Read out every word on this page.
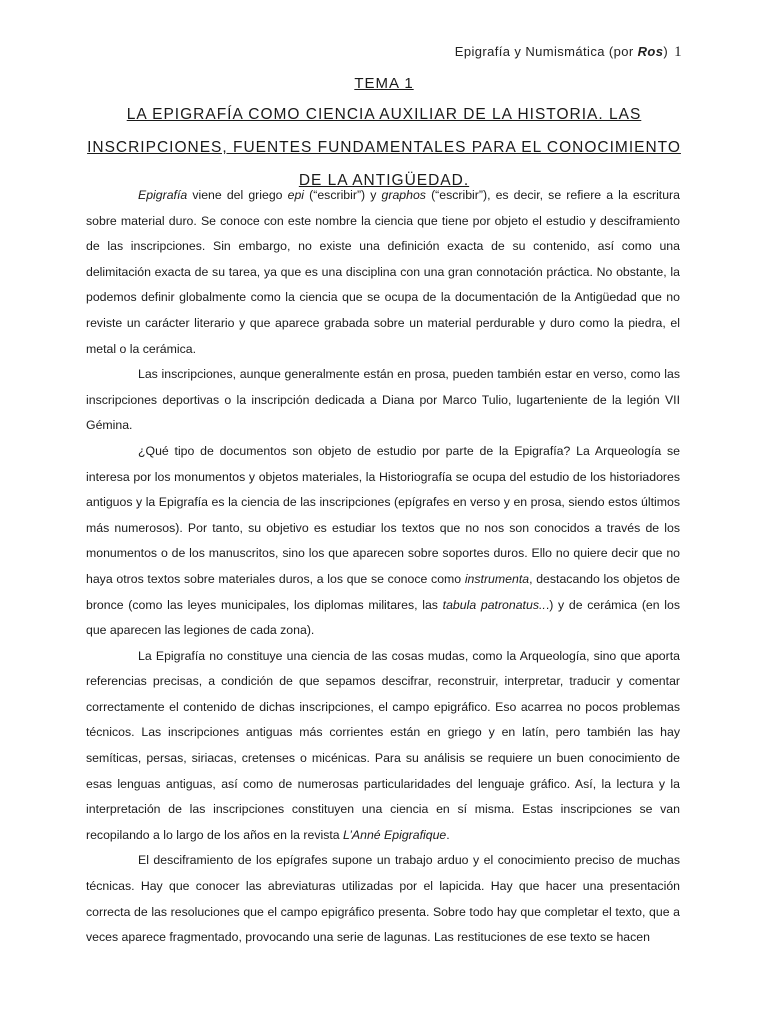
Epigrafía y Numismática (por Ros) 1
TEMA 1
LA EPIGRAFÍA COMO CIENCIA AUXILIAR DE LA HISTORIA. LAS INSCRIPCIONES, FUENTES FUNDAMENTALES PARA EL CONOCIMIENTO DE LA ANTIGÜEDAD.

Epigrafía viene del griego epi (“escribir”) y graphos (“escribir”), es decir, se refiere a la escritura sobre material duro. Se conoce con este nombre la ciencia que tiene por objeto el estudio y desciframiento de las inscripciones. Sin embargo, no existe una definición exacta de su contenido, así como una delimitación exacta de su tarea, ya que es una disciplina con una gran connotación práctica. No obstante, la podemos definir globalmente como la ciencia que se ocupa de la documentación de la Antigüedad que no reviste un carácter literario y que aparece grabada sobre un material perdurable y duro como la piedra, el metal o la cerámica.

Las inscripciones, aunque generalmente están en prosa, pueden también estar en verso, como las inscripciones deportivas o la inscripción dedicada a Diana por Marco Tulio, lugarteniente de la legión VII Gémina.

¿Qué tipo de documentos son objeto de estudio por parte de la Epigrafía? La Arqueología se interesa por los monumentos y objetos materiales, la Historiografía se ocupa del estudio de los historiadores antiguos y la Epigrafía es la ciencia de las inscripciones (epígrafes en verso y en prosa, siendo estos últimos más numerosos). Por tanto, su objetivo es estudiar los textos que no nos son conocidos a través de los monumentos o de los manuscritos, sino los que aparecen sobre soportes duros. Ello no quiere decir que no haya otros textos sobre materiales duros, a los que se conoce como instrumenta, destacando los objetos de bronce (como las leyes municipales, los diplomas militares, las tabula patronatus...) y de cerámica (en los que aparecen las legiones de cada zona).

La Epigrafía no constituye una ciencia de las cosas mudas, como la Arqueología, sino que aporta referencias precisas, a condición de que sepamos descifrar, reconstruir, interpretar, traducir y comentar correctamente el contenido de dichas inscripciones, el campo epigráfico. Eso acarrea no pocos problemas técnicos. Las inscripciones antiguas más corrientes están en griego y en latín, pero también las hay semíticas, persas, siriacas, cretenses o micénicas. Para su análisis se requiere un buen conocimiento de esas lenguas antiguas, así como de numerosas particularidades del lenguaje gráfico. Así, la lectura y la interpretación de las inscripciones constituyen una ciencia en sí misma. Estas inscripciones se van recopilando a lo largo de los años en la revista L’Anné Epigrafique.

El desciframiento de los epígrafes supone un trabajo arduo y el conocimiento preciso de muchas técnicas. Hay que conocer las abreviaturas utilizadas por el lapicida. Hay que hacer una presentación correcta de las resoluciones que el campo epigráfico presenta. Sobre todo hay que completar el texto, que a veces aparece fragmentado, provocando una serie de lagunas. Las restituciones de ese texto se hacen
